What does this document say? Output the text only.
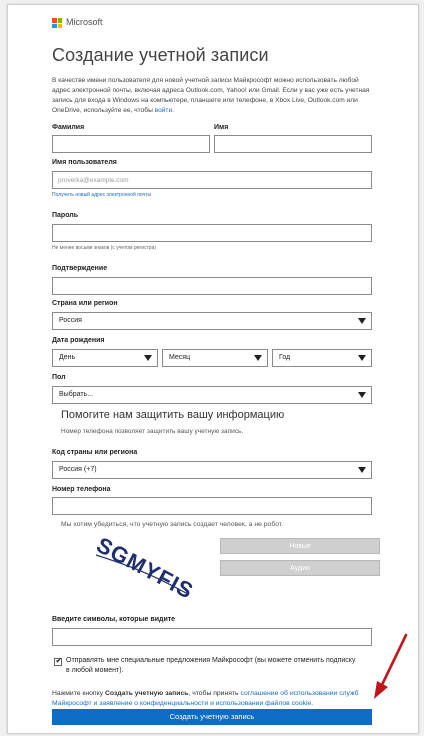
Microsoft
Создание учетной записи
В качестве имени пользователя для новой учетной записи Майкрософт можно использовать любой адрес электронной почты, включая адреса Outlook.com, Yahoo! или Gmail. Если у вас уже есть учетная запись для входа в Windows на компьютере, планшете или телефоне, в Xbox Live, Outlook.com или OneDrive, используйте ее, чтобы войти.
Фамилия	Имя
Имя пользователя
proverka@example.com
Получить новый адрес электронной почты
Пароль
Не менее восьми знаков (с учетом регистра)
Подтверждение
Страна или регион
Россия
Дата рождения
День	Месяц	Год
Пол
Выбрать...
Помогите нам защитить вашу информацию
Номер телефона позволяет защитить вашу учетную запись.
Код страны или региона
Россия (+7)
Номер телефона
Мы хотим убедиться, что учетную запись создает человек, а не робот.
SGMYFIS	Новые
Аудио
Введите символы, которые видите
✔
Отправлять мне специальные предложения Майкрософт (вы можете отменить подписку в любой момент).
Нажмите кнопку Создать учетную запись, чтобы принять соглашение об использовании служб Майкрософт и заявление о конфиденциальности и использовании файлов cookie.
Создать учетную запись
